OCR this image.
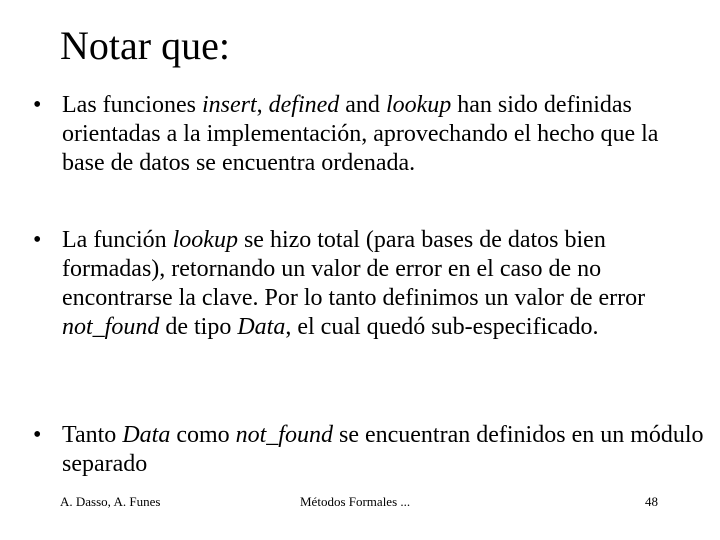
Notar que:
• Las funciones insert, defined and lookup han sido definidas orientadas a la implementación, aprovechando el hecho que la base de datos se encuentra ordenada.
• La función lookup se hizo total (para bases de datos bien formadas), retornando un valor de error en el caso de no encontrarse la clave. Por lo tanto definimos un valor de error not_found de tipo Data, el cual quedó sub-especificado.
• Tanto Data como not_found se encuentran definidos en un módulo separado
A. Dasso, A. Funes	Métodos Formales ...	48
